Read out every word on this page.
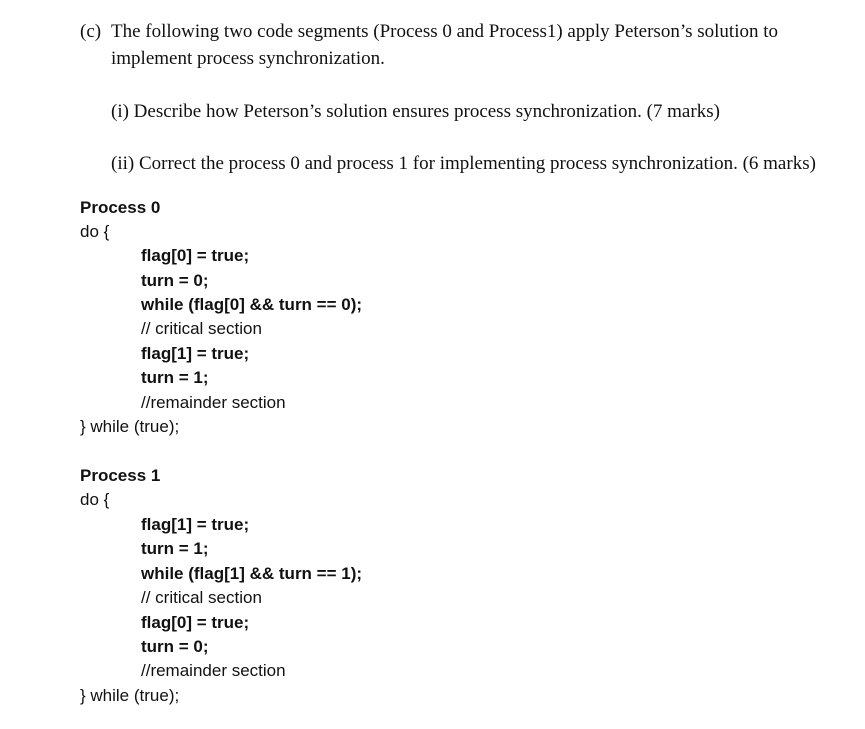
(c) The following two code segments (Process 0 and Process1) apply Peterson’s solution to
implement process synchronization.
(i) Describe how Peterson’s solution ensures process synchronization. (7 marks)
(ii) Correct the process 0 and process 1 for implementing process synchronization. (6 marks)
Process 0
do {
flag[0] = true;
turn = 0;
while (flag[0] && turn == 0);
// critical section
flag[1] = true;
turn = 1;
//remainder section
} while (true);
Process 1
do {
flag[1] = true;
turn = 1;
while (flag[1] && turn == 1);
// critical section
flag[0] = true;
turn = 0;
//remainder section
} while (true);
